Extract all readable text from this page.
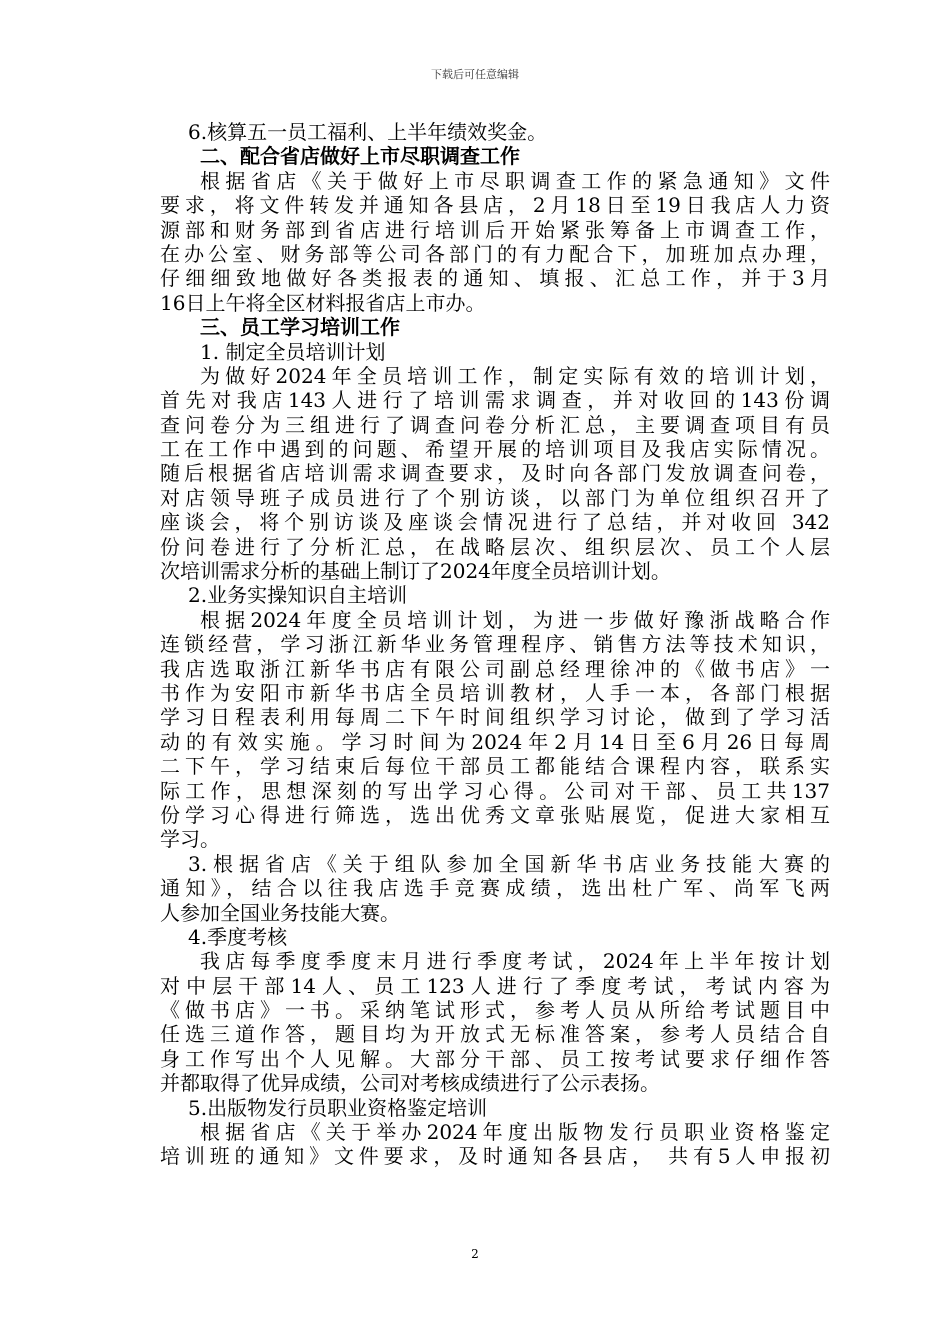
下载后可任意编辑
6.核算五一员工福利、上半年绩效奖金。
二、配合省店做好上市尽职调查工作
根据省店《关于做好上市尽职调查工作的紧急通知》文件
要求，将文件转发并通知各县店，2月18日至19日我店人力资
源部和财务部到省店进行培训后开始紧张筹备上市调查工作，
在办公室、财务部等公司各部门的有力配合下，加班加点办理，
仔细细致地做好各类报表的通知、填报、汇总工作，并于3月
16日上午将全区材料报省店上市办。
三、员工学习培训工作
1. 制定全员培训计划
为做好2024年全员培训工作，制定实际有效的培训计划，
首先对我店143人进行了培训需求调查，并对收回的143份调
查问卷分为三组进行了调查问卷分析汇总，主要调查项目有员
工在工作中遇到的问题、希望开展的培训项目及我店实际情况。
随后根据省店培训需求调查要求，及时向各部门发放调查问卷，
对店领导班子成员进行了个别访谈，以部门为单位组织召开了
座谈会，将个别访谈及座谈会情况进行了总结，并对收回 342
份问卷进行了分析汇总，在战略层次、组织层次、员工个人层
次培训需求分析的基础上制订了2024年度全员培训计划。
2.业务实操知识自主培训
根据2024年度全员培训计划，为进一步做好豫浙战略合作
连锁经营，学习浙江新华业务管理程序、销售方法等技术知识，
我店选取浙江新华书店有限公司副总经理徐冲的《做书店》一
书作为安阳市新华书店全员培训教材，人手一本，各部门根据
学习日程表利用每周二下午时间组织学习讨论，做到了学习活
动的有效实施。学习时间为2024年2月14日至6月26日每周
二下午，学习结束后每位干部员工都能结合课程内容，联系实
际工作，思想深刻的写出学习心得。公司对干部、员工共137
份学习心得进行筛选，选出优秀文章张贴展览，促进大家相互
学习。
3.根据省店《关于组队参加全国新华书店业务技能大赛的
通知》，结合以往我店选手竞赛成绩，选出杜广军、尚军飞两
人参加全国业务技能大赛。
4.季度考核
我店每季度季度末月进行季度考试，2024年上半年按计划
对中层干部14人、员工123人进行了季度考试，考试内容为
《做书店》一书。采纳笔试形式，参考人员从所给考试题目中
任选三道作答，题目均为开放式无标准答案，参考人员结合自
身工作写出个人见解。大部分干部、员工按考试要求仔细作答
并都取得了优异成绩，公司对考核成绩进行了公示表扬。
5.出版物发行员职业资格鉴定培训
根据省店《关于举办2024年度出版物发行员职业资格鉴定
培训班的通知》文件要求，及时通知各县店， 共有5人申报初
2
